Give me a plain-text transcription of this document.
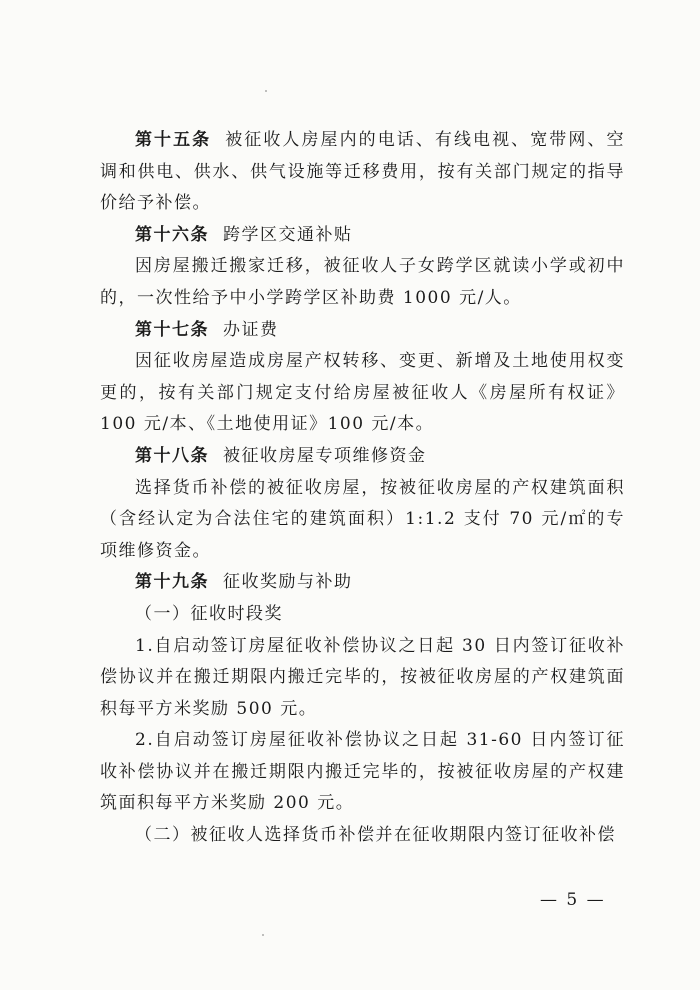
第十五条 被征收人房屋内的电话、有线电视、宽带网、空调和供电、供水、供气设施等迁移费用，按有关部门规定的指导价给予补偿。

第十六条 跨学区交通补贴

因房屋搬迁搬家迁移，被征收人子女跨学区就读小学或初中的，一次性给予中小学跨学区补助费 1000 元/人。

第十七条 办证费

因征收房屋造成房屋产权转移、变更、新增及土地使用权变更的，按有关部门规定支付给房屋被征收人《房屋所有权证》100 元/本、《土地使用证》100 元/本。

第十八条 被征收房屋专项维修资金

选择货币补偿的被征收房屋，按被征收房屋的产权建筑面积（含经认定为合法住宅的建筑面积）1:1.2 支付 70 元/㎡的专项维修资金。

第十九条 征收奖励与补助

（一）征收时段奖

1.自启动签订房屋征收补偿协议之日起 30 日内签订征收补偿协议并在搬迁期限内搬迁完毕的，按被征收房屋的产权建筑面积每平方米奖励 500 元。

2.自启动签订房屋征收补偿协议之日起 31-60 日内签订征收补偿协议并在搬迁期限内搬迁完毕的，按被征收房屋的产权建筑面积每平方米奖励 200 元。

（二）被征收人选择货币补偿并在征收期限内签订征收补偿

— 5 —
